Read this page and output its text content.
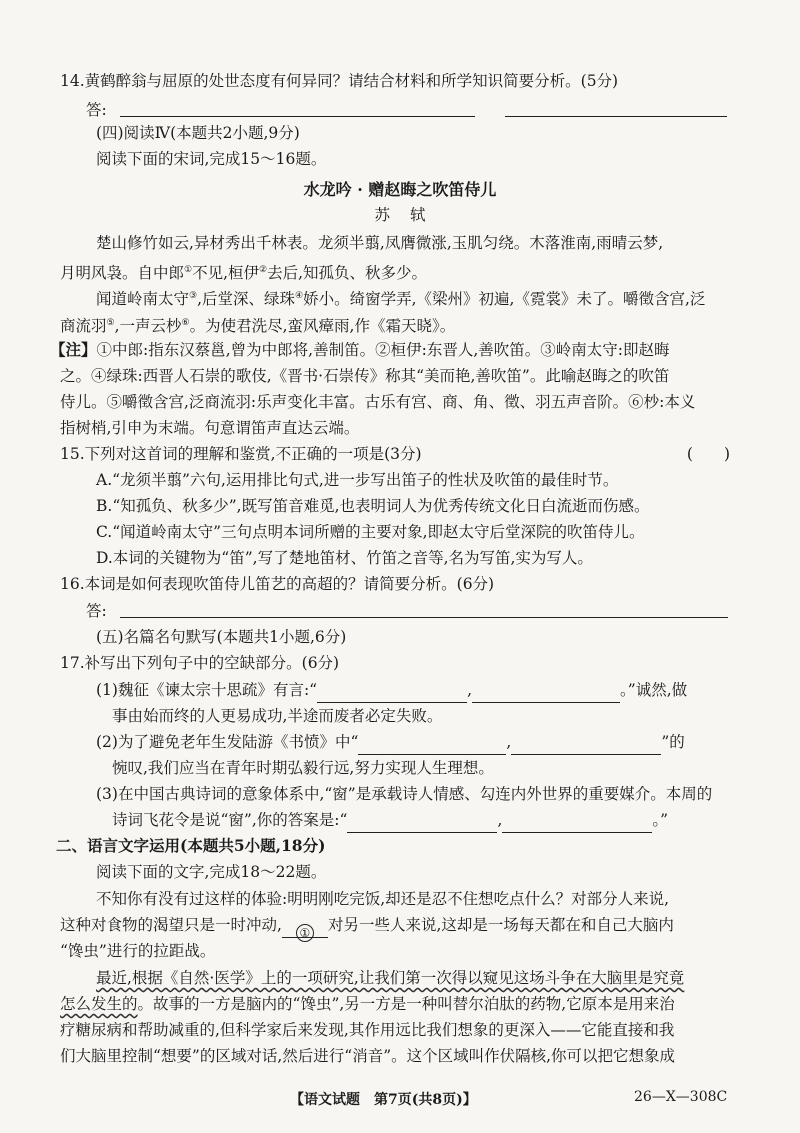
14.黄鹤醉翁与屈原的处世态度有何异同？请结合材料和所学知识简要分析。(5分)
答:
(四)阅读Ⅳ(本题共2小题,9分)
阅读下面的宋词,完成15～16题。
水龙吟 · 赠赵晦之吹笛侍儿
苏轼
楚山修竹如云,异材秀出千林表。龙须半翦,凤膺微涨,玉肌匀绕。木落淮南,雨晴云梦,
月明风袅。自中郎①不见,桓伊②去后,知孤负、秋多少。
闻道岭南太守③,后堂深、绿珠④娇小。绮窗学弄,《梁州》初遍,《霓裳》未了。嚼徵含宫,泛
商流羽⑤,一声云杪⑥。为使君洗尽,蛮风瘴雨,作《霜天晓》。
【注】①中郎:指东汉蔡邕,曾为中郎将,善制笛。②桓伊:东晋人,善吹笛。③岭南太守:即赵晦
之。④绿珠:西晋人石崇的歌伎,《晋书·石崇传》称其“美而艳,善吹笛”。此喻赵晦之的吹笛
侍儿。⑤嚼徵含宫,泛商流羽:乐声变化丰富。古乐有宫、商、角、徵、羽五声音阶。⑥杪:本义
指树梢,引申为末端。句意谓笛声直达云端。
15.下列对这首词的理解和鉴赏,不正确的一项是(3分)	(　　)
A.“龙须半翦”六句,运用排比句式,进一步写出笛子的性状及吹笛的最佳时节。
B.“知孤负、秋多少”,既写笛音难觅,也表明词人为优秀传统文化日白流逝而伤感。
C.“闻道岭南太守”三句点明本词所赠的主要对象,即赵太守后堂深院的吹笛侍儿。
D.本词的关键物为“笛”,写了楚地笛材、竹笛之音等,名为写笛,实为写人。
16.本词是如何表现吹笛侍儿笛艺的高超的？请简要分析。(6分)
答:
(五)名篇名句默写(本题共1小题,6分)
17.补写出下列句子中的空缺部分。(6分)
(1)魏征《谏太宗十思疏》有言:“	,	。”诚然,做
事由始而终的人更易成功,半途而废者必定失败。
(2)为了避免老年生发陆游《书愤》中“	,	”的
惋叹,我们应当在青年时期弘毅行远,努力实现人生理想。
(3)在中国古典诗词的意象体系中,“窗”是承载诗人情感、勾连内外世界的重要媒介。本周的
诗词飞花令是说“窗”,你的答案是:“	,	。”
二、语言文字运用(本题共5小题,18分)
阅读下面的文字,完成18～22题。
不知你有没有过这样的体验:明明刚吃完饭,却还是忍不住想吃点什么？对部分人来说,
这种对食物的渴望只是一时冲动, ① 对另一些人来说,这却是一场每天都在和自己大脑内
“馋虫”进行的拉距战。
最近,根据《自然·医学》上的一项研究,让我们第一次得以窥见这场斗争在大脑里是究竟
怎么发生的。故事的一方是脑内的“馋虫”,另一方是一种叫替尔泊肽的药物,它原本是用来治
疗糖尿病和帮助减重的,但科学家后来发现,其作用远比我们想象的更深入——它能直接和我
们大脑里控制“想要”的区域对话,然后进行“消音”。这个区域叫作伏隔核,你可以把它想象成
【语文试题　第7页(共8页)】	26—X—308C
